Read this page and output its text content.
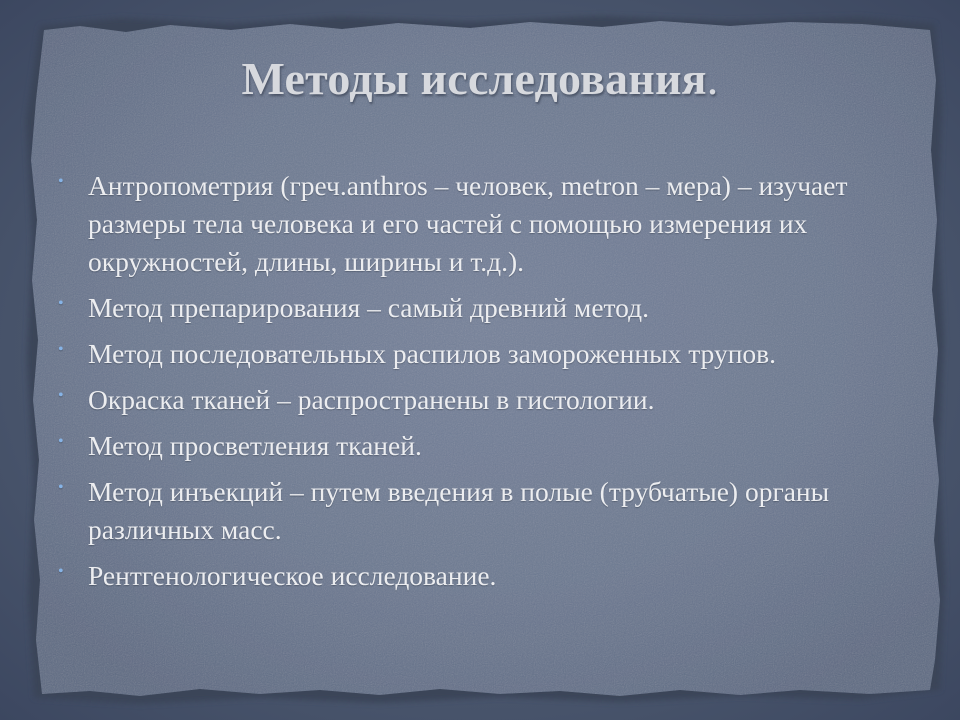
Методы исследования.
• Антропометрия (греч.anthros – человек, metron – мера) – изучает размеры тела человека и его частей с помощью измерения их окружностей, длины, ширины и т.д.).
• Метод препарирования – самый древний метод.
• Метод последовательных распилов замороженных трупов.
• Окраска тканей – распространены в гистологии.
• Метод просветления тканей.
• Метод инъекций – путем введения в полые (трубчатые) органы различных масс.
• Рентгенологическое исследование.
